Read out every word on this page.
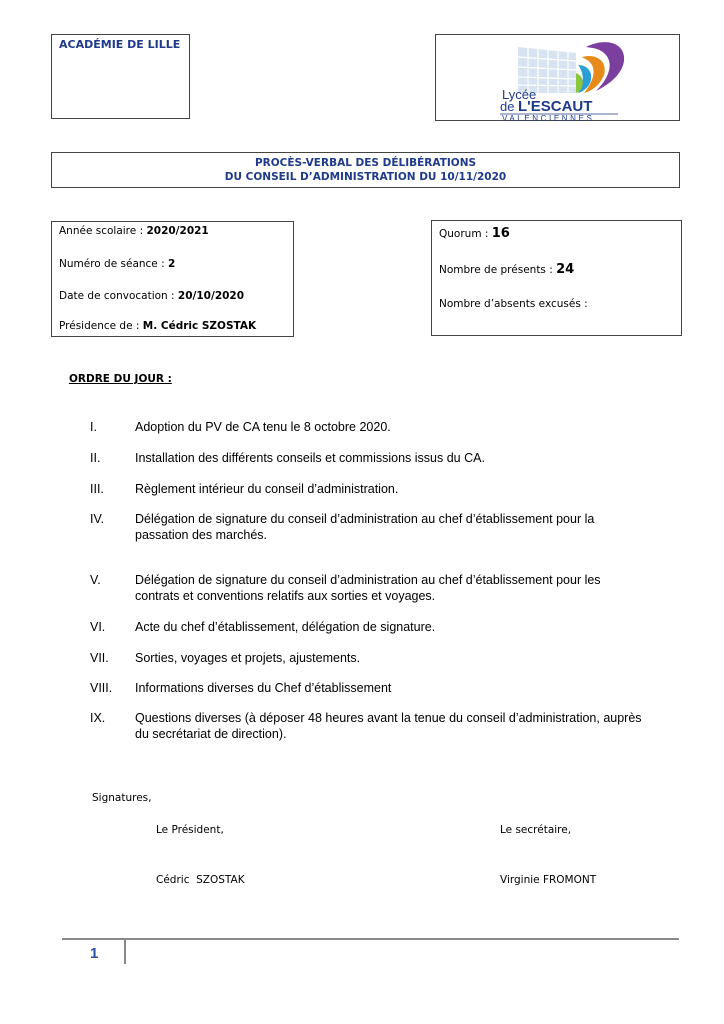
ACADÉMIE DE LILLE
Lycée
de L'ESCAUT
VALENCIENNES
PROCÈS-VERBAL DES DÉLIBÉRATIONS
DU CONSEIL D’ADMINISTRATION DU 10/11/2020
Année scolaire : 2020/2021
Numéro de séance : 2
Date de convocation : 20/10/2020
Présidence de : M. Cédric SZOSTAK
Quorum : 16
Nombre de présents : 24
Nombre d’absents excusés :
ORDRE DU JOUR :
I.	Adoption du PV de CA tenu le 8 octobre 2020.
II.	Installation des différents conseils et commissions issus du CA.
III. Règlement intérieur du conseil d’administration.
IV. Délégation de signature du conseil d’administration au chef d’établissement pour la passation des marchés.
V.	Délégation de signature du conseil d’administration au chef d’établissement pour les contrats et conventions relatifs aux sorties et voyages.
VI. Acte du chef d’établissement, délégation de signature.
VII. Sorties, voyages et projets, ajustements.
VIII. Informations diverses du Chef d’établissement
IX. Questions diverses (à déposer 48 heures avant la tenue du conseil d’administration, auprès du secrétariat de direction).
Signatures,
Le Président,	Le secrétaire,
Cédric  SZOSTAK	Virginie FROMONT
1
